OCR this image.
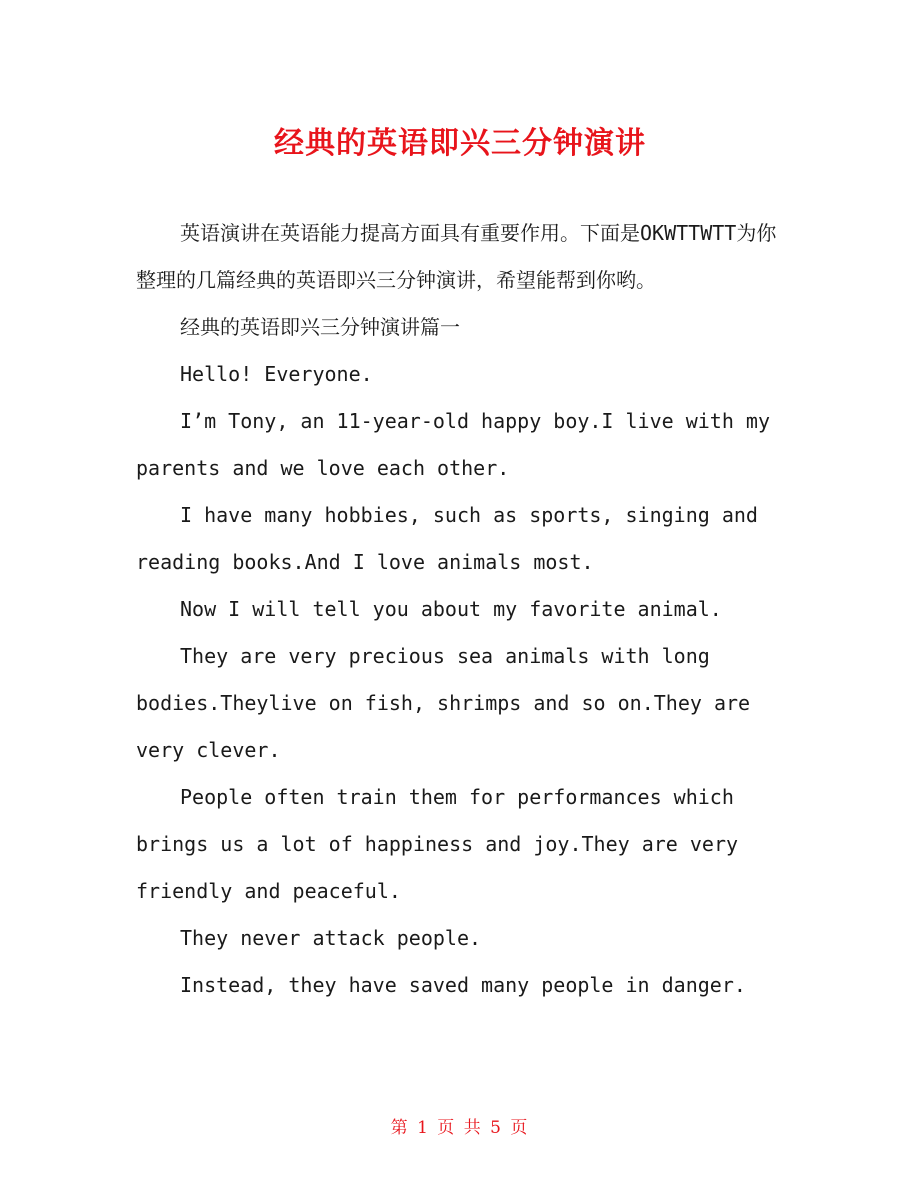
经典的英语即兴三分钟演讲

英语演讲在英语能力提高方面具有重要作用。下面是OKWTTWTT为你整理的几篇经典的英语即兴三分钟演讲，希望能帮到你哟。

经典的英语即兴三分钟演讲篇一

Hello! Everyone.

I’m Tony, an 11-year-old happy boy.I live with my parents and we love each other.

I have many hobbies, such as sports, singing and reading books.And I love animals most.

Now I will tell you about my favorite animal.

They are very precious sea animals with long bodies.Theylive on fish, shrimps and so on.They are very clever.

People often train them for performances which brings us a lot of happiness and joy.They are very friendly and peaceful.

They never attack people.

Instead, they have saved many people in danger.

第 1 页 共 5 页
